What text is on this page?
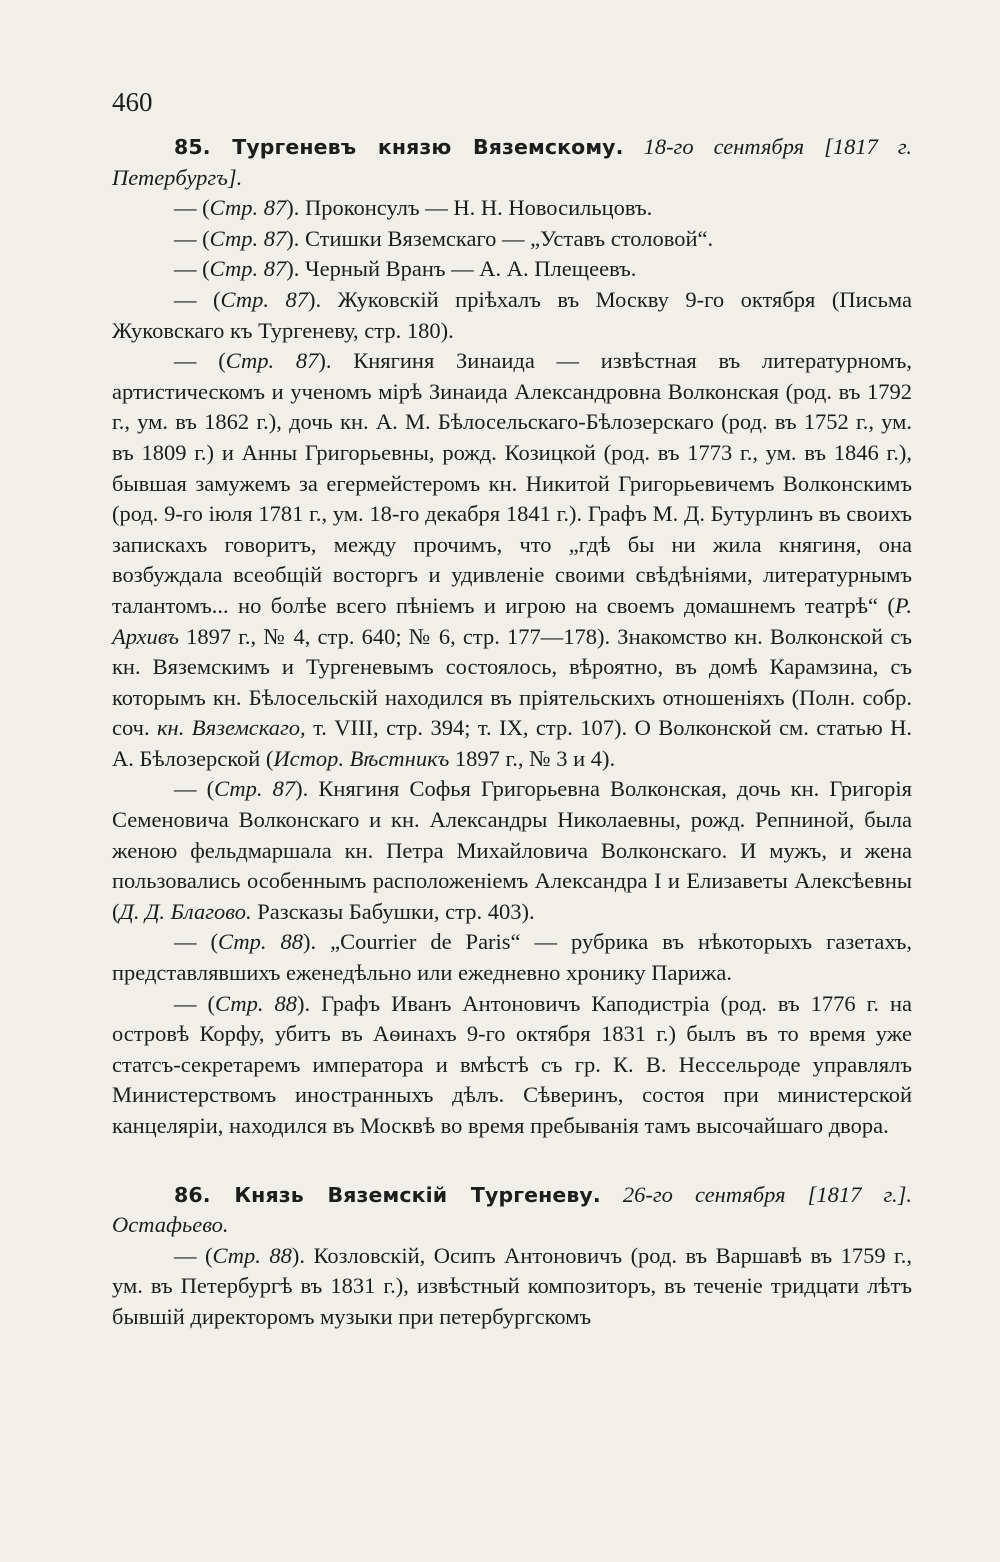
460

85. Тургеневъ князю Вяземскому. 18-го сентября [1817 г. Петербургъ].

— (Стр. 87). Проконсулъ — Н. Н. Новосильцовъ.

— (Стр. 87). Стишки Вяземскаго — „Уставъ столовой“.

— (Стр. 87). Черный Вранъ — А. А. Плещеевъ.

— (Стр. 87). Жуковскій пріѣхалъ въ Москву 9-го октября (Письма Жуковскаго къ Тургеневу, стр. 180).

— (Стр. 87). Княгиня Зинаида — извѣстная въ литературномъ, артистическомъ и ученомъ мірѣ Зинаида Александровна Волконская (род. въ 1792 г., ум. въ 1862 г.), дочь кн. А. М. Бѣлосельскаго-Бѣлозерскаго (род. въ 1752 г., ум. въ 1809 г.) и Анны Григорьевны, рожд. Козицкой (род. въ 1773 г., ум. въ 1846 г.), бывшая замужемъ за егермейстеромъ кн. Никитой Григорьевичемъ Волконскимъ (род. 9-го іюля 1781 г., ум. 18-го декабря 1841 г.). Графъ М. Д. Бутурлинъ въ своихъ запискахъ говоритъ, между прочимъ, что „гдѣ бы ни жила княгиня, она возбуждала всеобщій восторгъ и удивленіе своими свѣдѣніями, литературнымъ талантомъ... но болѣе всего пѣніемъ и игрою на своемъ домашнемъ театрѣ“ (Р. Архивъ 1897 г., № 4, стр. 640; № 6, стр. 177—178). Знакомство кн. Волконской съ кн. Вяземскимъ и Тургеневымъ состоялось, вѣроятно, въ домѣ Карамзина, съ которымъ кн. Бѣлосельскій находился въ пріятельскихъ отношеніяхъ (Полн. собр. соч. кн. Вяземскаго, т. VIII, стр. 394; т. IX, стр. 107). О Волконской см. статью Н. А. Бѣлозерской (Истор. Вѣстникъ 1897 г., № 3 и 4).

— (Стр. 87). Княгиня Софья Григорьевна Волконская, дочь кн. Григорія Семеновича Волконскаго и кн. Александры Николаевны, рожд. Репниной, была женою фельдмаршала кн. Петра Михайловича Волконскаго. И мужъ, и жена пользовались особеннымъ расположеніемъ Александра I и Елизаветы Алексѣевны (Д. Д. Благово. Разсказы Бабушки, стр. 403).

— (Стр. 88). „Courrier de Paris“ — рубрика въ нѣкоторыхъ газетахъ, представлявшихъ еженедѣльно или ежедневно хронику Парижа.

— (Стр. 88). Графъ Иванъ Антоновичъ Каподистріа (род. въ 1776 г. на островѣ Корфу, убитъ въ Аѳинахъ 9-го октября 1831 г.) былъ въ то время уже статсъ-секретаремъ императора и вмѣстѣ съ гр. К. В. Нессельроде управлялъ Министерствомъ иностранныхъ дѣлъ. Сѣверинъ, состоя при министерской канцеляріи, находился въ Москвѣ во время пребыванія тамъ высочайшаго двора.

86. Князь Вяземскій Тургеневу. 26-го сентября [1817 г.]. Остафьево.

— (Стр. 88). Козловскій, Осипъ Антоновичъ (род. въ Варшавѣ въ 1759 г., ум. въ Петербургѣ въ 1831 г.), извѣстный композиторъ, въ теченіе тридцати лѣтъ бывшій директоромъ музыки при петербургскомъ
